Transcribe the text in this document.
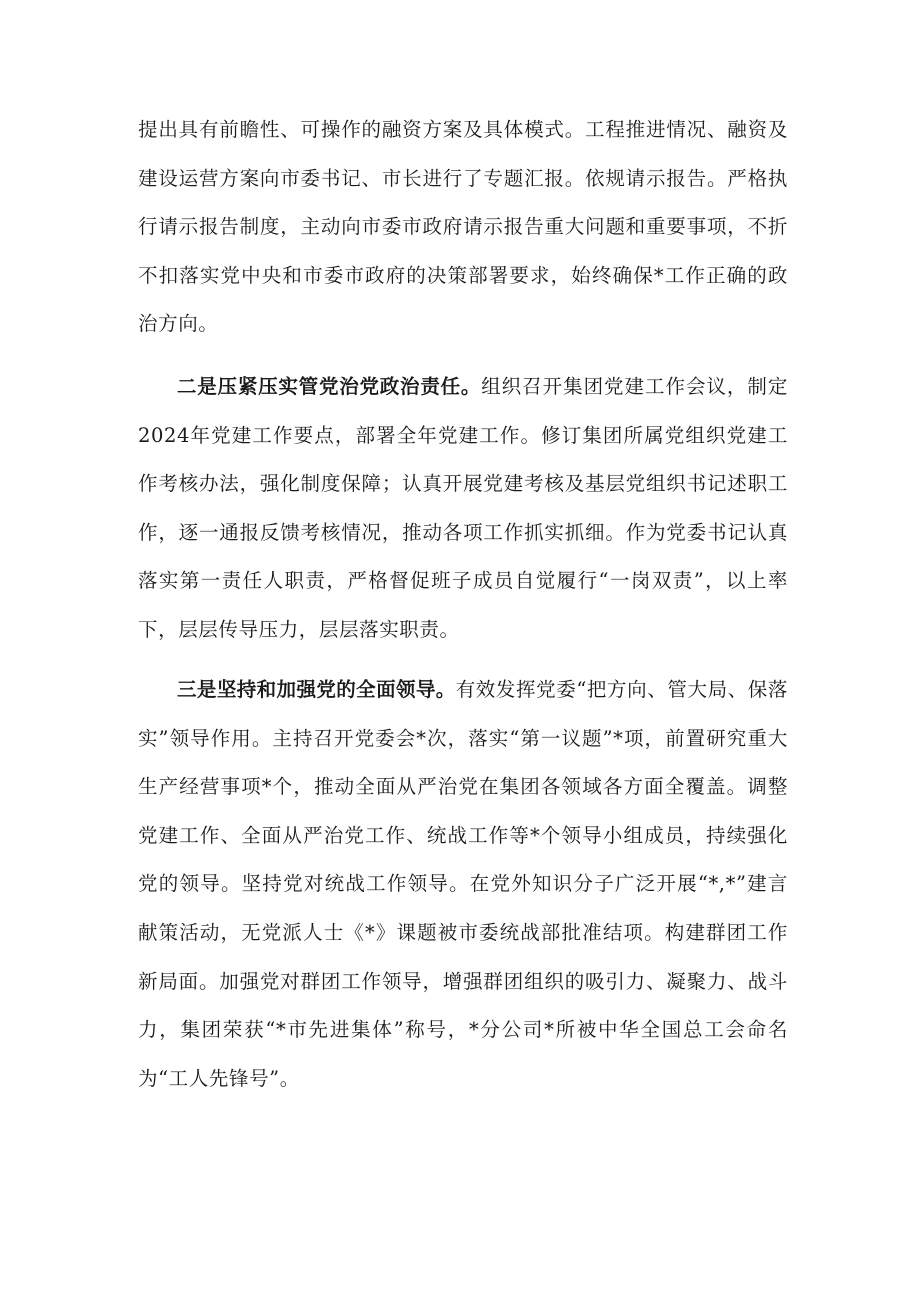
提出具有前瞻性、可操作的融资方案及具体模式。工程推进情况、融资及建设运营方案向市委书记、市长进行了专题汇报。依规请示报告。严格执行请示报告制度，主动向市委市政府请示报告重大问题和重要事项，不折不扣落实党中央和市委市政府的决策部署要求，始终确保*工作正确的政治方向。

二是压紧压实管党治党政治责任。组织召开集团党建工作会议，制定2024年党建工作要点，部署全年党建工作。修订集团所属党组织党建工作考核办法，强化制度保障；认真开展党建考核及基层党组织书记述职工作，逐一通报反馈考核情况，推动各项工作抓实抓细。作为党委书记认真落实第一责任人职责，严格督促班子成员自觉履行“一岗双责”，以上率下，层层传导压力，层层落实职责。

三是坚持和加强党的全面领导。有效发挥党委“把方向、管大局、保落实”领导作用。主持召开党委会*次，落实“第一议题”*项，前置研究重大生产经营事项*个，推动全面从严治党在集团各领域各方面全覆盖。调整党建工作、全面从严治党工作、统战工作等*个领导小组成员，持续强化党的领导。坚持党对统战工作领导。在党外知识分子广泛开展“*,*”建言献策活动，无党派人士《*》课题被市委统战部批准结项。构建群团工作新局面。加强党对群团工作领导，增强群团组织的吸引力、凝聚力、战斗力，集团荣获“*市先进集体”称号，*分公司*所被中华全国总工会命名为“工人先锋号”。
